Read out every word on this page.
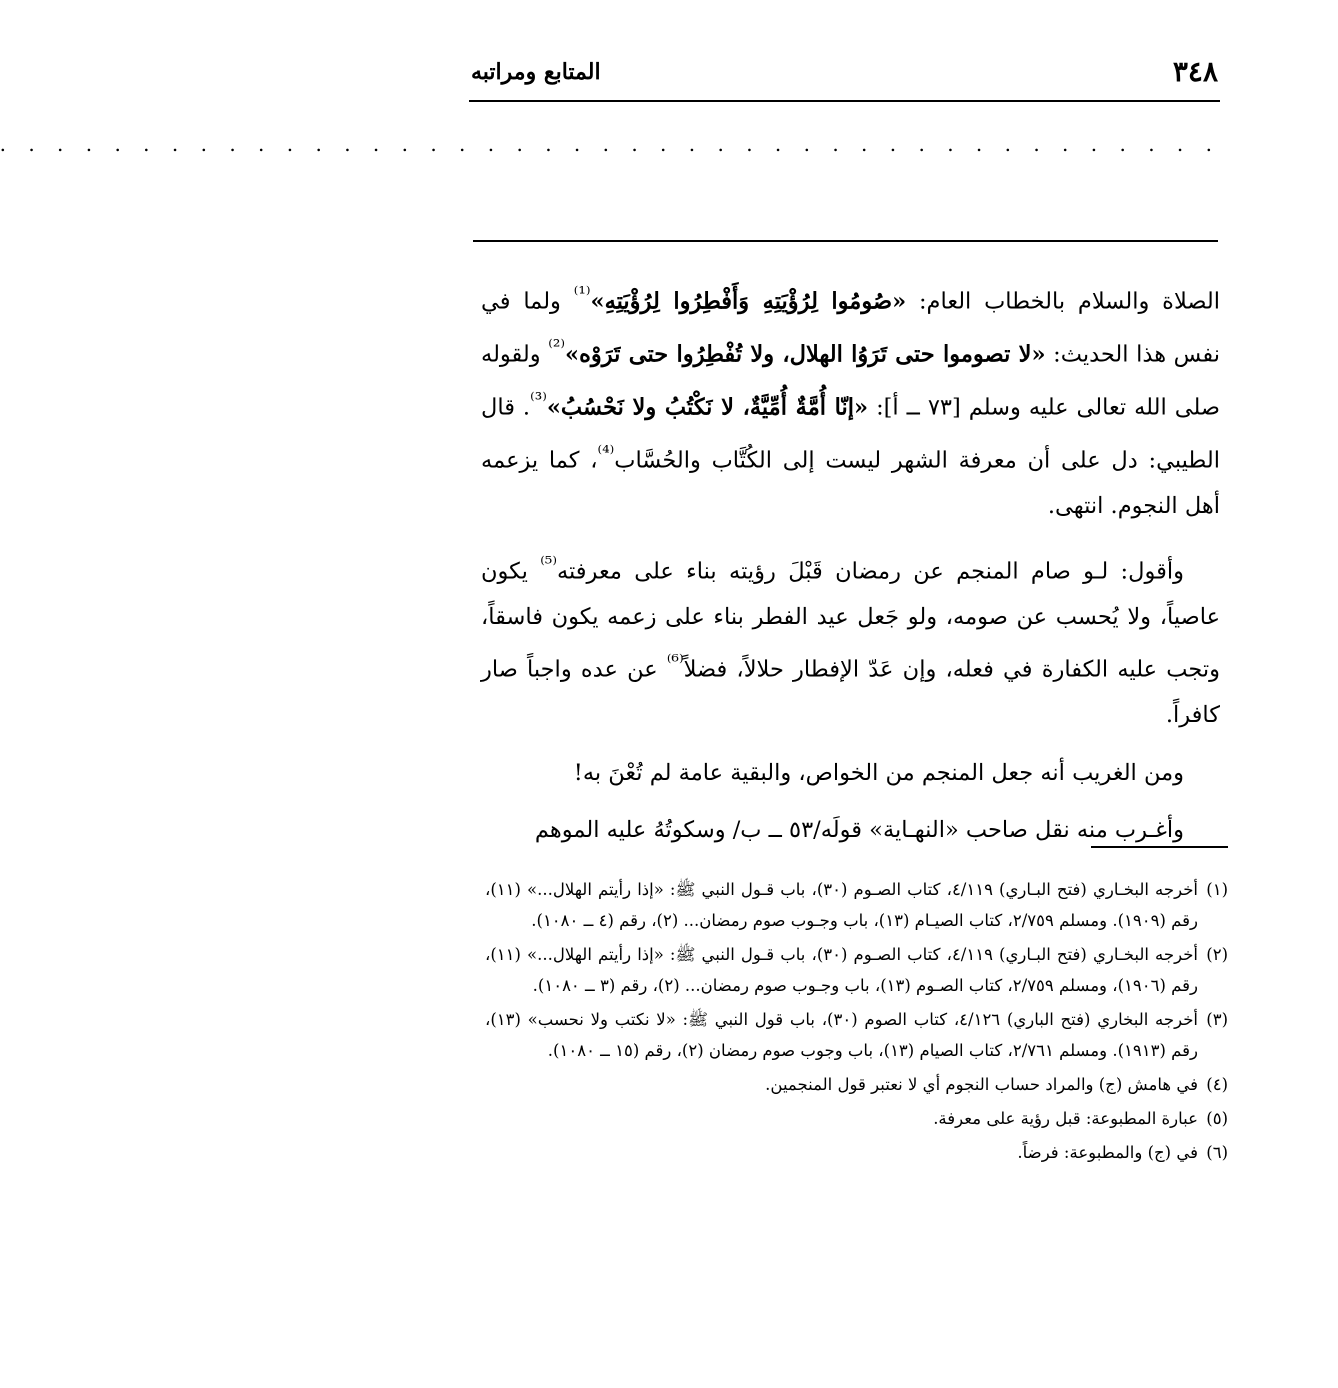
٣٤٨
المتابع ومراتبه
. . . . . . . . . . . . . . . . . . . . . . . . . . . . . . . . . . . . . . . . . . .

الصلاة والسلام بالخطاب العام: «صُومُوا لِرُؤْيَتِهِ وَأَفْطِرُوا لِرُؤْيَتِهِ»$^{^{(1)}}$ ولما في نفس هذا الحديث: «لا تصوموا حتى تَرَوُا الهلال، ولا تُفْطِرُوا حتى تَرَوْه»$^{^{(2)}}$ ولقوله صلى الله تعالى عليه وسلم [٧٣ ــ أ]: «إنّا أُمَّةٌ أُمِّيَّةٌ، لا نَكْتُبُ ولا نَحْسُبُ»$^{^{(3)}}$. قال الطيبي: دل على أن معرفة الشهر ليست إلى الكُتَّاب والحُسَّاب$^{^{(4)}}$، كما يزعمه أهل النجوم. انتهى.

وأقول: لـو صام المنجم عن رمضان قَبْلَ رؤيته بناء على معرفته$^{^{(5)}}$ يكون عاصياً، ولا يُحسب عن صومه، ولو جَعل عيد الفطر بناء على زعمه يكون فاسقاً، وتجب عليه الكفارة في فعله، وإن عَدّ الإفطار حلالاً، فضلاً$^{^{(6)}}$ عن عده واجباً صار كافراً.

ومن الغريب أنه جعل المنجم من الخواص، والبقية عامة لم تُعْنَ به!

وأغـرب منه نقل صاحب «النهـاية» قولَه/٥٣ ــ ب/ وسكوتُهُ عليه الموهم

(١)
أخرجه البخـاري (فتح البـاري) ٤/١١٩، كتاب الصـوم (٣٠)، باب قـول النبي ﷺ: «إذا رأيتم الهلال...» (١١)، رقم (١٩٠٩). ومسلم ٢/٧٥٩، كتاب الصيـام (١٣)، باب وجـوب صوم رمضان... (٢)، رقم (٤ ــ ١٠٨٠).
(٢)
أخرجه البخـاري (فتح البـاري) ٤/١١٩، كتاب الصـوم (٣٠)، باب قـول النبي ﷺ: «إذا رأيتم الهلال...» (١١)، رقم (١٩٠٦)، ومسلم ٢/٧٥٩، كتاب الصـوم (١٣)، باب وجـوب صوم رمضان... (٢)، رقم (٣ ــ ١٠٨٠).
(٣)
أخرجه البخاري (فتح الباري) ٤/١٢٦، كتاب الصوم (٣٠)، باب قول النبي ﷺ: «لا نكتب ولا نحسب» (١٣)، رقم (١٩١٣). ومسلم ٢/٧٦١، كتاب الصيام (١٣)، باب وجوب صوم رمضان (٢)، رقم (١٥ ــ ١٠٨٠).
(٤)
في هامش (ج) والمراد حساب النجوم أي لا نعتبر قول المنجمين.
(٥)
عبارة المطبوعة: قبل رؤية على معرفة.
(٦)
في (ج) والمطبوعة: فرضاً.
